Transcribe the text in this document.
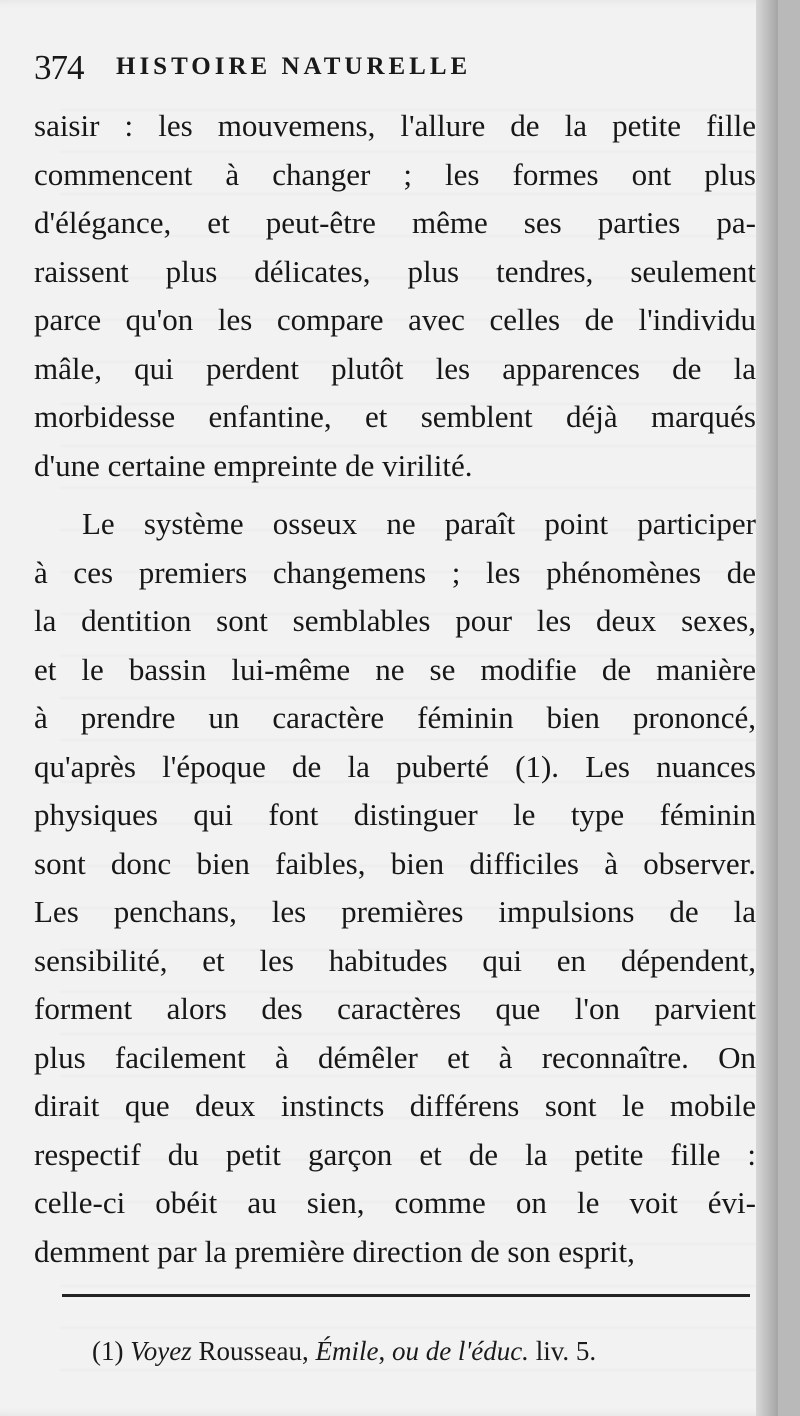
374 HISTOIRE NATURELLE
saisir : les mouvemens, l'allure de la petite fille
commencent à changer ; les formes ont plus
d'élégance, et peut-être même ses parties pa-
raissent plus délicates, plus tendres, seulement
parce qu'on les compare avec celles de l'individu
mâle, qui perdent plutôt les apparences de la
morbidesse enfantine, et semblent déjà marqués
d'une certaine empreinte de virilité.
Le système osseux ne paraît point participer
à ces premiers changemens ; les phénomènes de
la dentition sont semblables pour les deux sexes,
et le bassin lui-même ne se modifie de manière
à prendre un caractère féminin bien prononcé,
qu'après l'époque de la puberté (1). Les nuances
physiques qui font distinguer le type féminin
sont donc bien faibles, bien difficiles à observer.
Les penchans, les premières impulsions de la
sensibilité, et les habitudes qui en dépendent,
forment alors des caractères que l'on parvient
plus facilement à démêler et à reconnaître. On
dirait que deux instincts différens sont le mobile
respectif du petit garçon et de la petite fille :
celle-ci obéit au sien, comme on le voit évi-
demment par la première direction de son esprit,
(1) Voyez Rousseau, Émile, ou de l'éduc. liv. 5.
